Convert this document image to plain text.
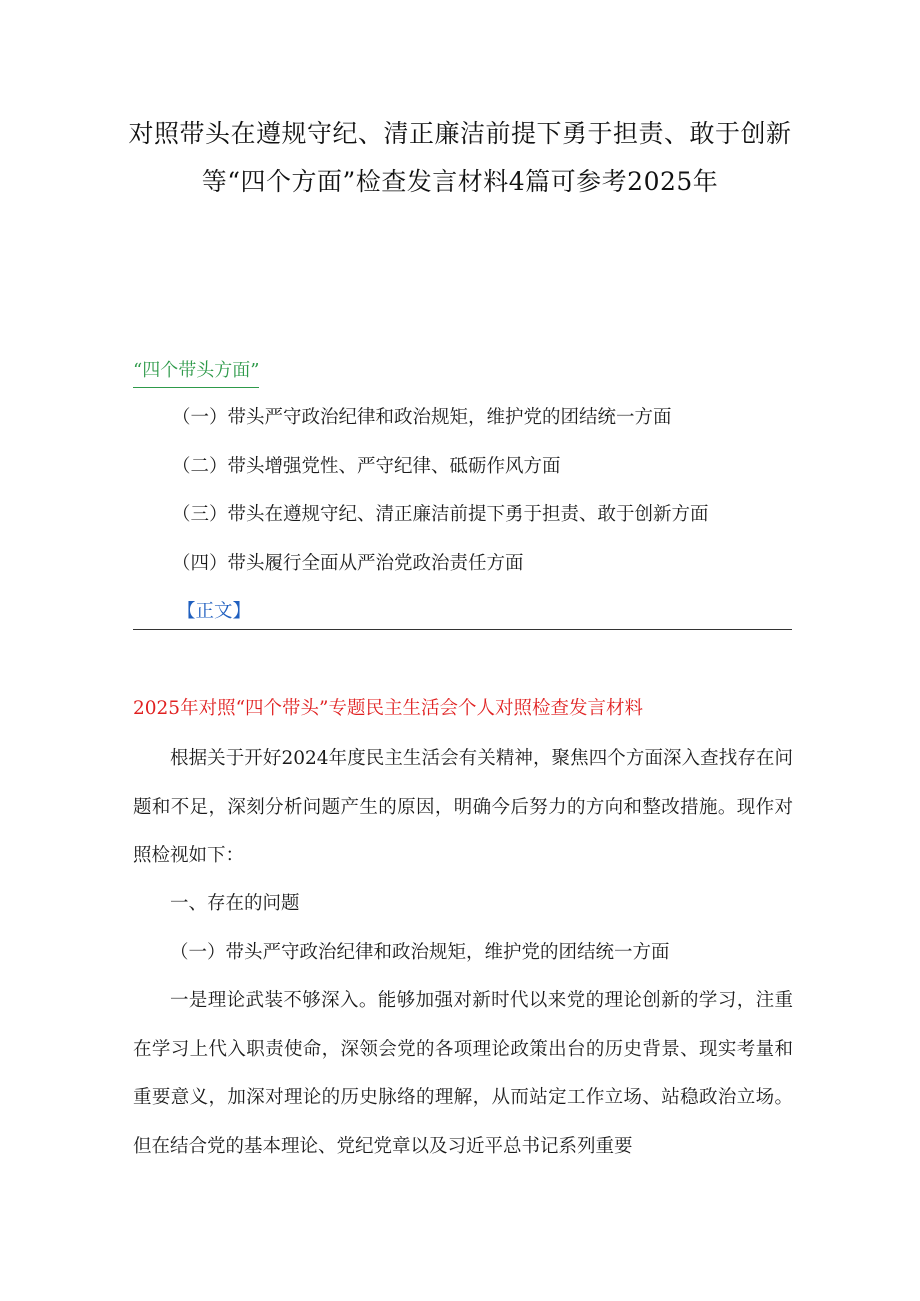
对照带头在遵规守纪、清正廉洁前提下勇于担责、敢于创新等“四个方面”检查发言材料4篇可参考2025年
“四个带头方面”
（一）带头严守政治纪律和政治规矩，维护党的团结统一方面
（二）带头增强党性、严守纪律、砥砺作风方面
（三）带头在遵规守纪、清正廉洁前提下勇于担责、敢于创新方面
（四）带头履行全面从严治党政治责任方面
【正文】
2025年对照“四个带头”专题民主生活会个人对照检查发言材料

根据关于开好2024年度民主生活会有关精神，聚焦四个方面深入查找存在问题和不足，深刻分析问题产生的原因，明确今后努力的方向和整改措施。现作对照检视如下：

一、存在的问题

（一）带头严守政治纪律和政治规矩，维护党的团结统一方面

一是理论武装不够深入。能够加强对新时代以来党的理论创新的学习，注重在学习上代入职责使命，深领会党的各项理论政策出台的历史背景、现实考量和重要意义，加深对理论的历史脉络的理解，从而站定工作立场、站稳政治立场。但在结合党的基本理论、党纪党章以及习近平总书记系列重要
